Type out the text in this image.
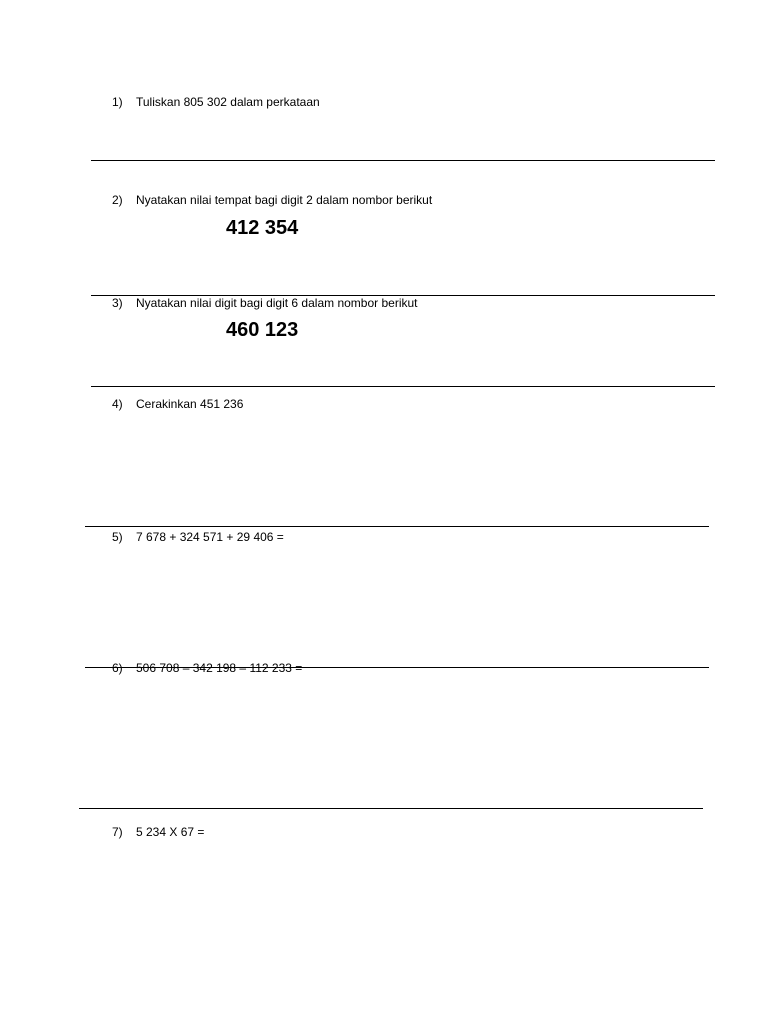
1) Tuliskan 805 302 dalam perkataan
2) Nyatakan nilai tempat bagi digit 2 dalam nombor berikut
412 354
3) Nyatakan nilai digit bagi digit 6 dalam nombor berikut
460 123
4) Cerakinkan 451 236
5) 7 678 + 324 571 + 29 406 =
6) 506 708 – 342 198 – 112 233 =
7) 5 234 X 67 =
